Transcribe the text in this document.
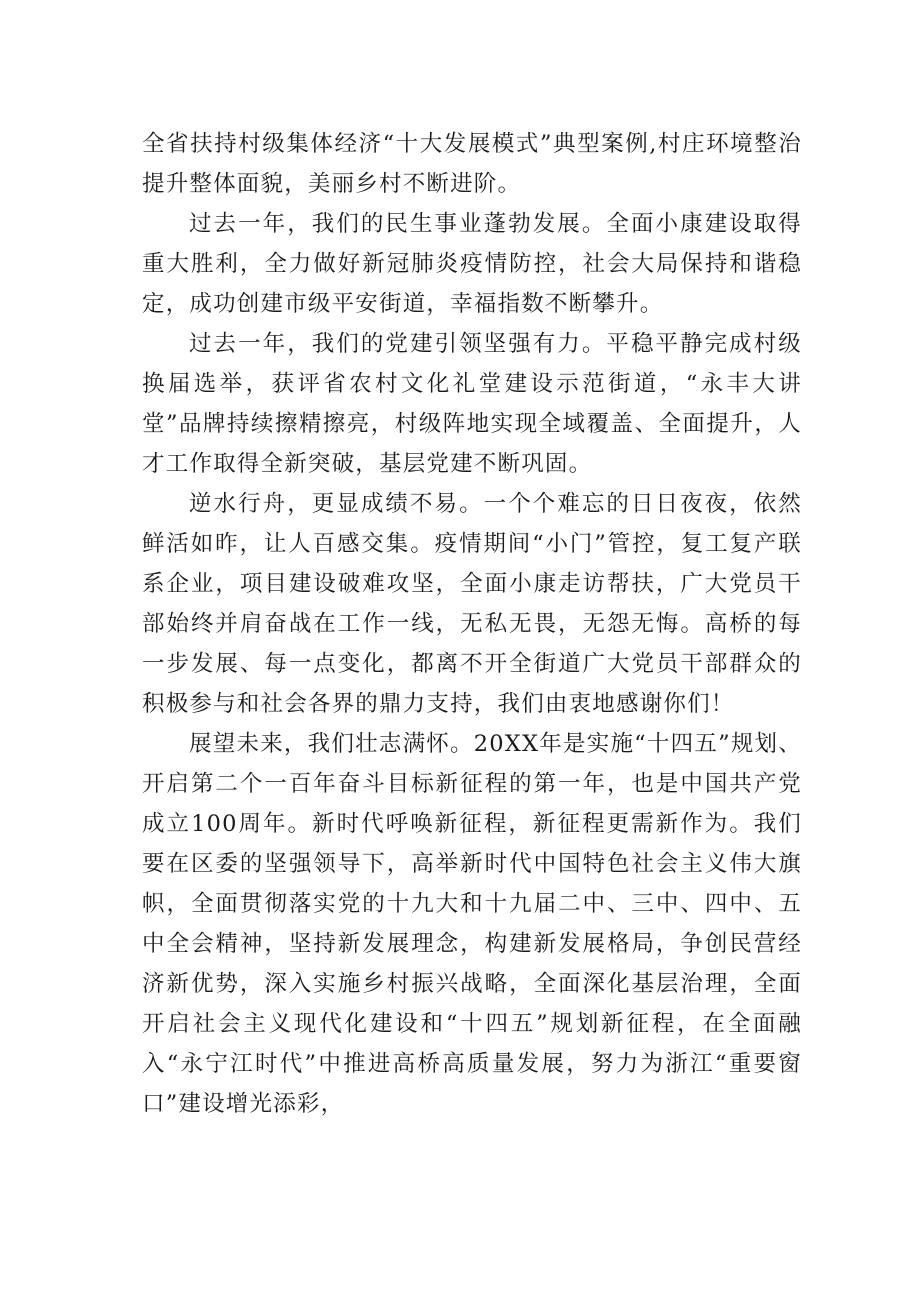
全省扶持村级集体经济“十大发展模式”典型案例,村庄环境整治提升整体面貌，美丽乡村不断进阶。

过去一年，我们的民生事业蓬勃发展。全面小康建设取得重大胜利，全力做好新冠肺炎疫情防控，社会大局保持和谐稳定，成功创建市级平安街道，幸福指数不断攀升。

过去一年，我们的党建引领坚强有力。平稳平静完成村级换届选举，获评省农村文化礼堂建设示范街道，“永丰大讲堂”品牌持续擦精擦亮，村级阵地实现全域覆盖、全面提升，人才工作取得全新突破，基层党建不断巩固。

逆水行舟，更显成绩不易。一个个难忘的日日夜夜，依然鲜活如昨，让人百感交集。疫情期间“小门”管控，复工复产联系企业，项目建设破难攻坚，全面小康走访帮扶，广大党员干部始终并肩奋战在工作一线，无私无畏，无怨无悔。高桥的每一步发展、每一点变化，都离不开全街道广大党员干部群众的积极参与和社会各界的鼎力支持，我们由衷地感谢你们！

展望未来，我们壮志满怀。20XX年是实施“十四五”规划、开启第二个一百年奋斗目标新征程的第一年，也是中国共产党成立100周年。新时代呼唤新征程，新征程更需新作为。我们要在区委的坚强领导下，高举新时代中国特色社会主义伟大旗帜，全面贯彻落实党的十九大和十九届二中、三中、四中、五中全会精神，坚持新发展理念，构建新发展格局，争创民营经济新优势，深入实施乡村振兴战略，全面深化基层治理，全面开启社会主义现代化建设和“十四五”规划新征程，在全面融入“永宁江时代”中推进高桥高质量发展，努力为浙江“重要窗口”建设增光添彩，
